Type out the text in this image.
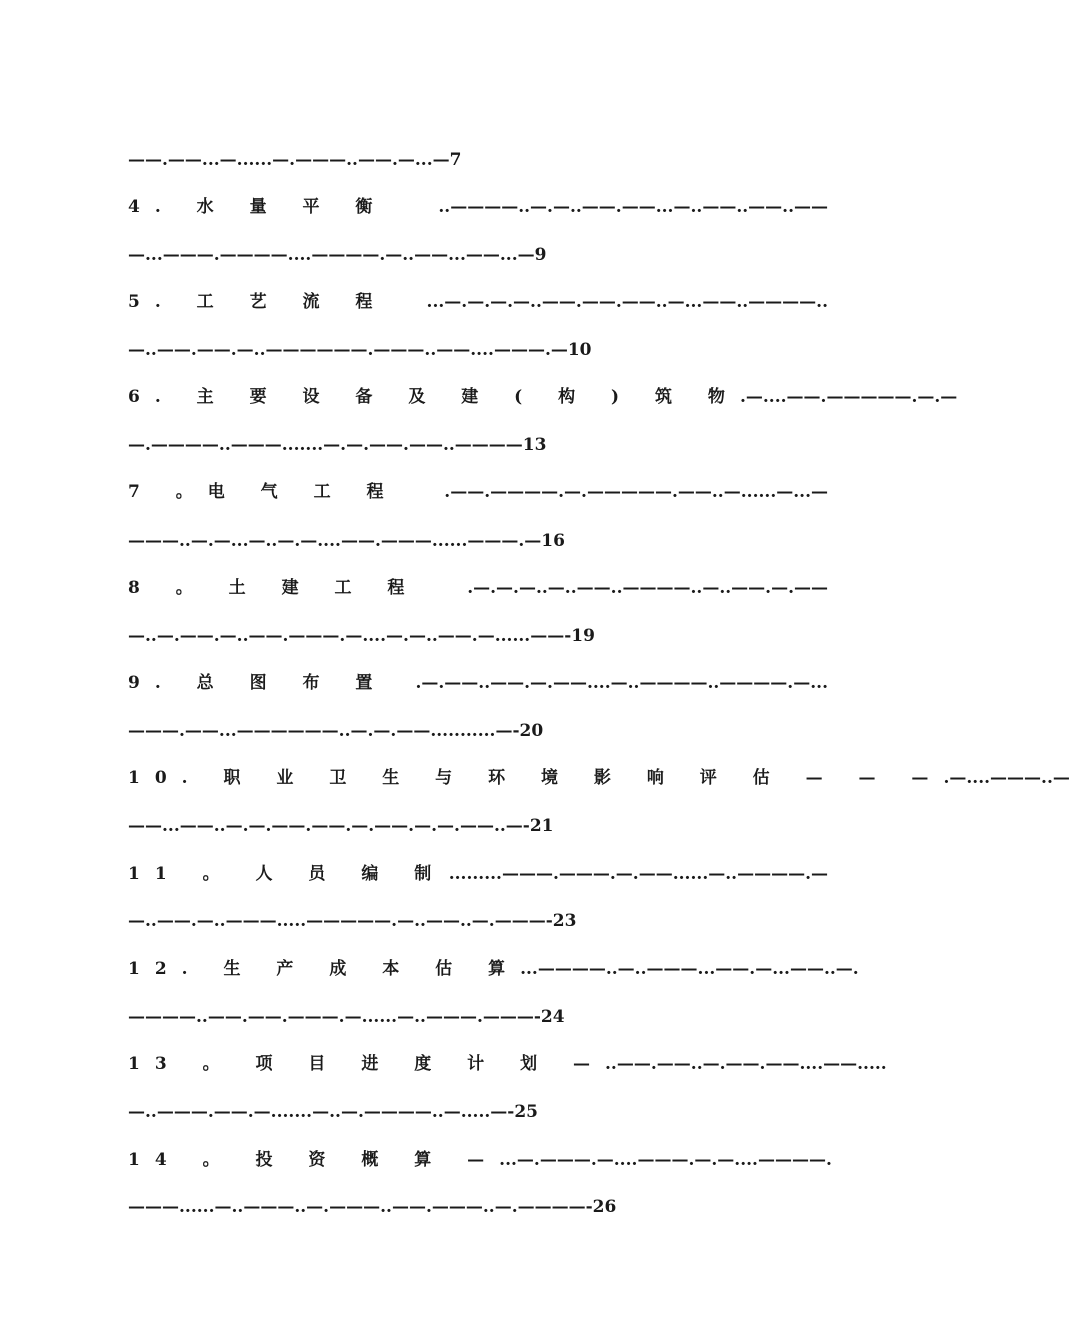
——.——...—......—.———..——.—...—7
4. 水 量 平 衡	..————..—.—..——.——...—..——..——..——
—...———.————....————.—..——...——...—9
5. 工 艺 流 程 ...—.—.—.—..——.——.——..—...——..————..
—..——.——.—..——————.———..——....———.—10
6. 主 要 设 备 及 建 ( 构 ) 筑 物 .—....——.—————.—.—
—.————..———.......—.—.——.——..————13
7 。电 气 工 程	.——.————.—.—————.——..—......—...—
———..—.—...—..—.—....——.———......———.—16
8 。 土 建 工 程	.—.—.—..—..——..————..—..——.—.——
—..—.——.—..——.———.—....—.—..——.—......——-19
9. 总 图 布 置 .—.——..——.—.——....—..————..————.—...
———.——...——————..—.—.——...........—-20
10. 职 业 卫 生 与 环 境 影 响 评 估 — — — .—....———..—
——...——..—.—.——.——.—.——.—.—.——..—-21
11 。 人 员 编 制 .........———.———.—.——......—..————.—
—..——.—..———.....—————.—..——..—.———-23
12. 生 产 成 本 估 算 ...————..—..———...——.—...——..—.
————..——.——.———.—......—..———.———-24
13 。 项 目 进 度 计 划 — ..——.——..—.——.——....——.....
—..———.——.—.......—..—.————..—.....—-25
14 。 投 资 概 算 — ...—.———.—....———.—.—....————.
———......—..———..—.———..——.———..—.————-26
